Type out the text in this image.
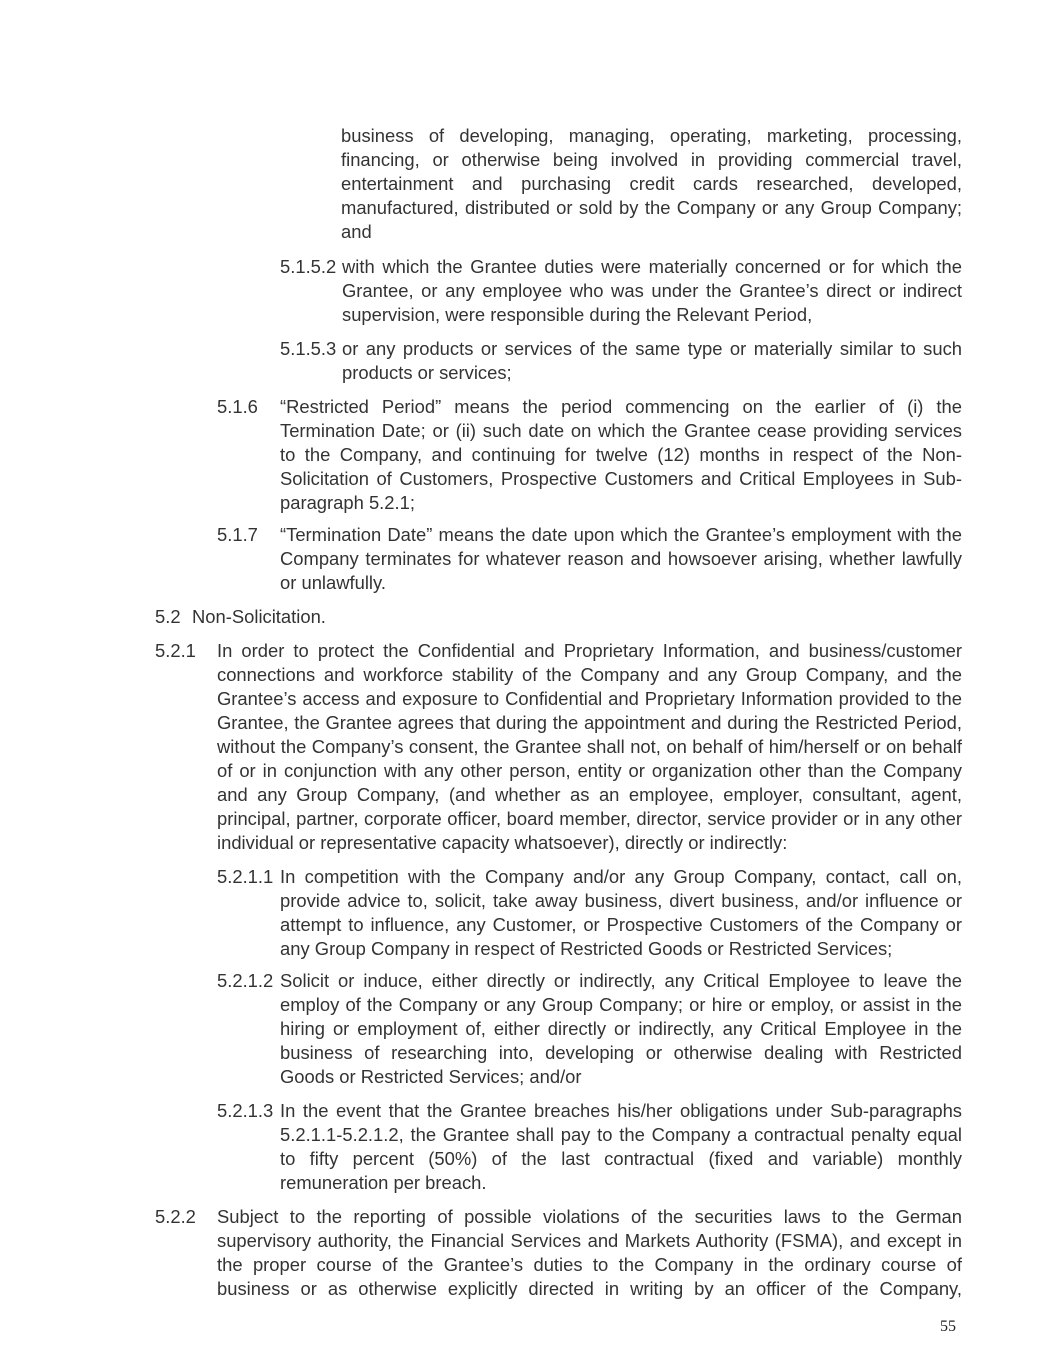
business of developing, managing, operating, marketing, processing, financing, or otherwise being involved in providing commercial travel, entertainment and purchasing credit cards researched, developed, manufactured, distributed or sold by the Company or any Group Company; and
5.1.5.2 with which the Grantee duties were materially concerned or for which the Grantee, or any employee who was under the Grantee’s direct or indirect supervision, were responsible during the Relevant Period,
5.1.5.3 or any products or services of the same type or materially similar to such products or services;
5.1.6 “Restricted Period” means the period commencing on the earlier of (i) the Termination Date; or (ii) such date on which the Grantee cease providing services to the Company, and continuing for twelve (12) months in respect of the Non-Solicitation of Customers, Prospective Customers and Critical Employees in Sub-paragraph 5.2.1;
5.1.7 “Termination Date” means the date upon which the Grantee’s employment with the Company terminates for whatever reason and howsoever arising, whether lawfully or unlawfully.
5.2 Non-Solicitation.
5.2.1 In order to protect the Confidential and Proprietary Information, and business/customer connections and workforce stability of the Company and any Group Company, and the Grantee’s access and exposure to Confidential and Proprietary Information provided to the Grantee, the Grantee agrees that during the appointment and during the Restricted Period, without the Company’s consent, the Grantee shall not, on behalf of him/herself or on behalf of or in conjunction with any other person, entity or organization other than the Company and any Group Company, (and whether as an employee, employer, consultant, agent, principal, partner, corporate officer, board member, director, service provider or in any other individual or representative capacity whatsoever), directly or indirectly:
5.2.1.1 In competition with the Company and/or any Group Company, contact, call on, provide advice to, solicit, take away business, divert business, and/or influence or attempt to influence, any Customer, or Prospective Customers of the Company or any Group Company in respect of Restricted Goods or Restricted Services;
5.2.1.2 Solicit or induce, either directly or indirectly, any Critical Employee to leave the employ of the Company or any Group Company; or hire or employ, or assist in the hiring or employment of, either directly or indirectly, any Critical Employee in the business of researching into, developing or otherwise dealing with Restricted Goods or Restricted Services; and/or
5.2.1.3 In the event that the Grantee breaches his/her obligations under Sub-paragraphs 5.2.1.1-5.2.1.2, the Grantee shall pay to the Company a contractual penalty equal to fifty percent (50%) of the last contractual (fixed and variable) monthly remuneration per breach.
5.2.2 Subject to the reporting of possible violations of the securities laws to the German supervisory authority, the Financial Services and Markets Authority (FSMA), and except in the proper course of the Grantee’s duties to the Company in the ordinary course of business or as otherwise explicitly directed in writing by an officer of the Company,
55
